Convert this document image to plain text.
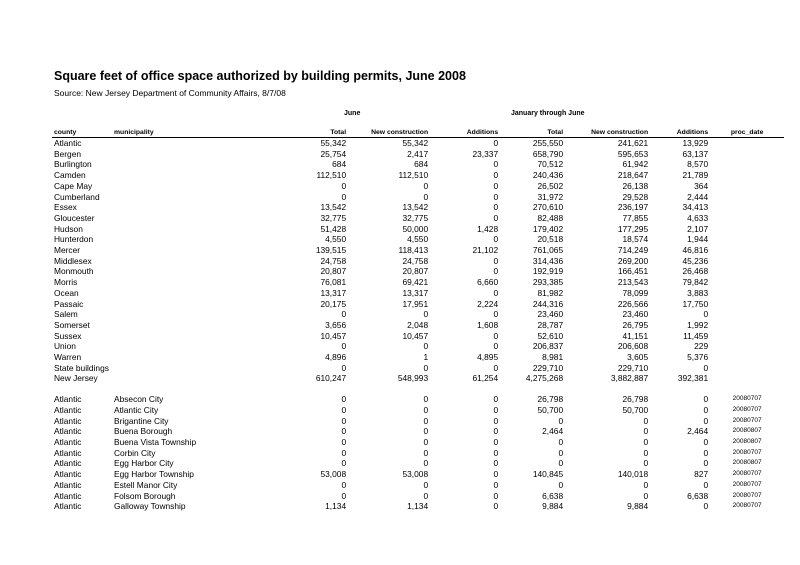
Square feet of office space authorized by building permits, June 2008
Source: New Jersey Department of Community Affairs, 8/7/08
June	January through June
county	municipality	Total	New construction	Additions	Total	New construction	Additions	proc_date
Atlantic		55,342	55,342	0	255,550	241,621	13,929	
Bergen		25,754	2,417	23,337	658,790	595,653	63,137	
Burlington		684	684	0	70,512	61,942	8,570	
Camden		112,510	112,510	0	240,436	218,647	21,789	
Cape May		0	0	0	26,502	26,138	364	
Cumberland		0	0	0	31,972	29,528	2,444	
Essex		13,542	13,542	0	270,610	236,197	34,413	
Gloucester		32,775	32,775	0	82,488	77,855	4,633	
Hudson		51,428	50,000	1,428	179,402	177,295	2,107	
Hunterdon		4,550	4,550	0	20,518	18,574	1,944	
Mercer		139,515	118,413	21,102	761,065	714,249	46,816	
Middlesex		24,758	24,758	0	314,436	269,200	45,236	
Monmouth		20,807	20,807	0	192,919	166,451	26,468	
Morris		76,081	69,421	6,660	293,385	213,543	79,842	
Ocean		13,317	13,317	0	81,982	78,099	3,883	
Passaic		20,175	17,951	2,224	244,316	226,566	17,750	
Salem		0	0	0	23,460	23,460	0	
Somerset		3,656	2,048	1,608	28,787	26,795	1,992	
Sussex		10,457	10,457	0	52,610	41,151	11,459	
Union		0	0	0	206,837	206,608	229	
Warren		4,896	1	4,895	8,981	3,605	5,376	
State buildings		0	0	0	229,710	229,710	0	
New Jersey		610,247	548,993	61,254	4,275,268	3,882,887	392,381	

Atlantic	Absecon City	0	0	0	26,798	26,798	0	20080707
Atlantic	Atlantic City	0	0	0	50,700	50,700	0	20080707
Atlantic	Brigantine City	0	0	0	0	0	0	20080707
Atlantic	Buena Borough	0	0	0	2,464	0	2,464	20080807
Atlantic	Buena Vista Township	0	0	0	0	0	0	20080807
Atlantic	Corbin City	0	0	0	0	0	0	20080707
Atlantic	Egg Harbor City	0	0	0	0	0	0	20080807
Atlantic	Egg Harbor Township	53,008	53,008	0	140,845	140,018	827	20080707
Atlantic	Estell Manor City	0	0	0	0	0	0	20080707
Atlantic	Folsom Borough	0	0	0	6,638	0	6,638	20080707
Atlantic	Galloway Township	1,134	1,134	0	9,884	9,884	0	20080707
